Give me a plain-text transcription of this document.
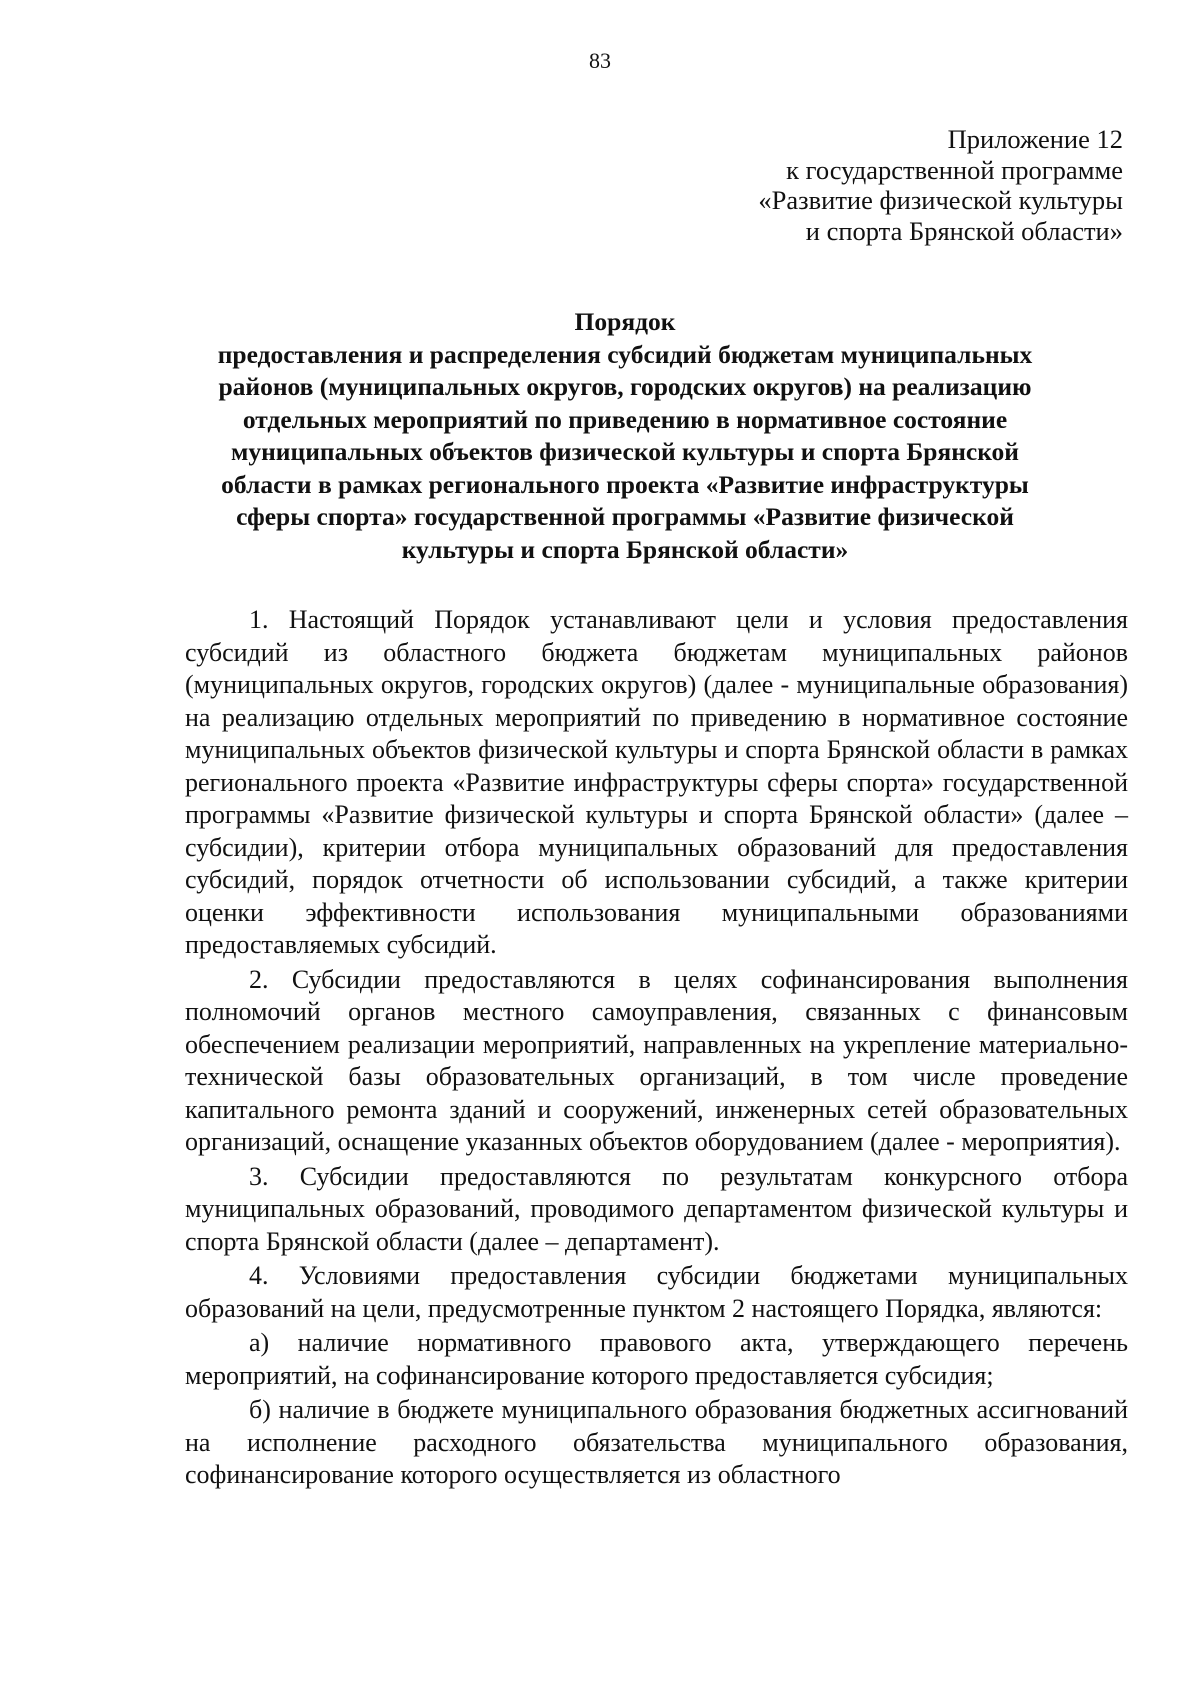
83
Приложение 12
к государственной программе
«Развитие физической культуры
и спорта Брянской области»
Порядок
предоставления и распределения субсидий бюджетам муниципальных
районов (муниципальных округов, городских округов) на реализацию
отдельных мероприятий по приведению в нормативное состояние
муниципальных объектов физической культуры и спорта Брянской
области в рамках регионального проекта «Развитие инфраструктуры
сферы спорта» государственной программы «Развитие физической
культуры и спорта Брянской области»

1. Настоящий Порядок устанавливают цели и условия предоставления субсидий из областного бюджета бюджетам муниципальных районов (муниципальных округов, городских округов) (далее - муниципальные образования) на реализацию отдельных мероприятий по приведению в нормативное состояние муниципальных объектов физической культуры и спорта Брянской области в рамках регионального проекта «Развитие инфраструктуры сферы спорта» государственной программы «Развитие физической культуры и спорта Брянской области» (далее – субсидии), критерии отбора муниципальных образований для предоставления субсидий, порядок отчетности об использовании субсидий, а также критерии оценки эффективности использования муниципальными образованиями предоставляемых субсидий.

2. Субсидии предоставляются в целях софинансирования выполнения полномочий органов местного самоуправления, связанных с финансовым обеспечением реализации мероприятий, направленных на укрепление материально-технической базы образовательных организаций, в том числе проведение капитального ремонта зданий и сооружений, инженерных сетей образовательных организаций, оснащение указанных объектов оборудованием (далее - мероприятия).

3. Субсидии предоставляются по результатам конкурсного отбора муниципальных образований, проводимого департаментом физической культуры и спорта Брянской области (далее – департамент).

4. Условиями предоставления субсидии бюджетами муниципальных образований на цели, предусмотренные пунктом 2 настоящего Порядка, являются:

а) наличие нормативного правового акта, утверждающего перечень мероприятий, на софинансирование которого предоставляется субсидия;

б) наличие в бюджете муниципального образования бюджетных ассигнований на исполнение расходного обязательства муниципального образования, софинансирование которого осуществляется из областного
